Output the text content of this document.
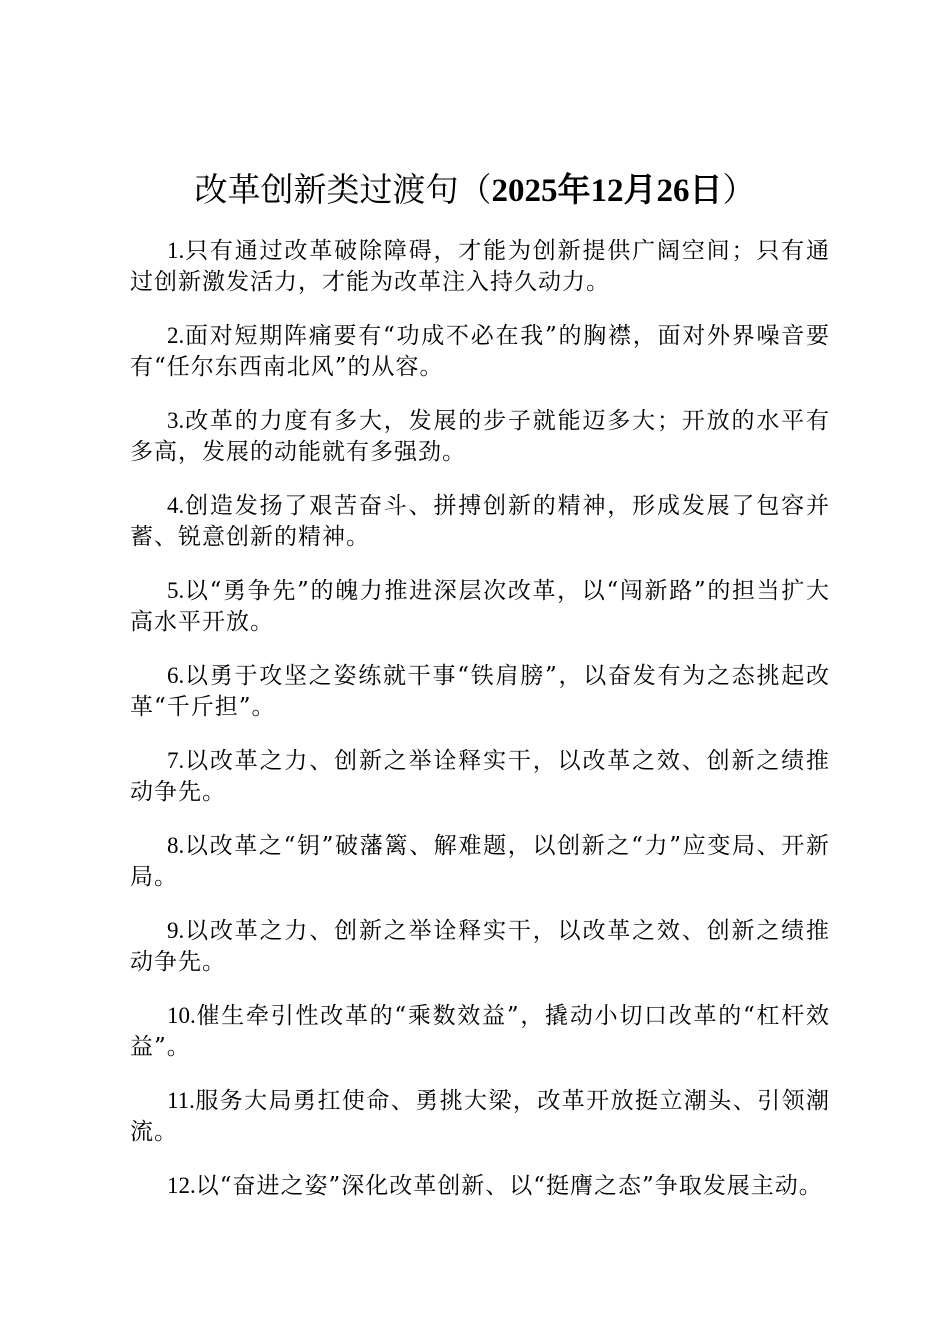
改革创新类过渡句（2025年12月26日）

1.只有通过改革破除障碍，才能为创新提供广阔空间；只有通过创新激发活力，才能为改革注入持久动力。

2.面对短期阵痛要有“功成不必在我”的胸襟，面对外界噪音要有“任尔东西南北风”的从容。

3.改革的力度有多大，发展的步子就能迈多大；开放的水平有多高，发展的动能就有多强劲。

4.创造发扬了艰苦奋斗、拼搏创新的精神，形成发展了包容并蓄、锐意创新的精神。

5.以“勇争先”的魄力推进深层次改革，以“闯新路”的担当扩大高水平开放。

6.以勇于攻坚之姿练就干事“铁肩膀”，以奋发有为之态挑起改革“千斤担”。

7.以改革之力、创新之举诠释实干，以改革之效、创新之绩推动争先。

8.以改革之“钥”破藩篱、解难题，以创新之“力”应变局、开新局。

9.以改革之力、创新之举诠释实干，以改革之效、创新之绩推动争先。

10.催生牵引性改革的“乘数效益”，撬动小切口改革的“杠杆效益”。

11.服务大局勇扛使命、勇挑大梁，改革开放挺立潮头、引领潮流。

12.以“奋进之姿”深化改革创新、以“挺膺之态”争取发展主动。
